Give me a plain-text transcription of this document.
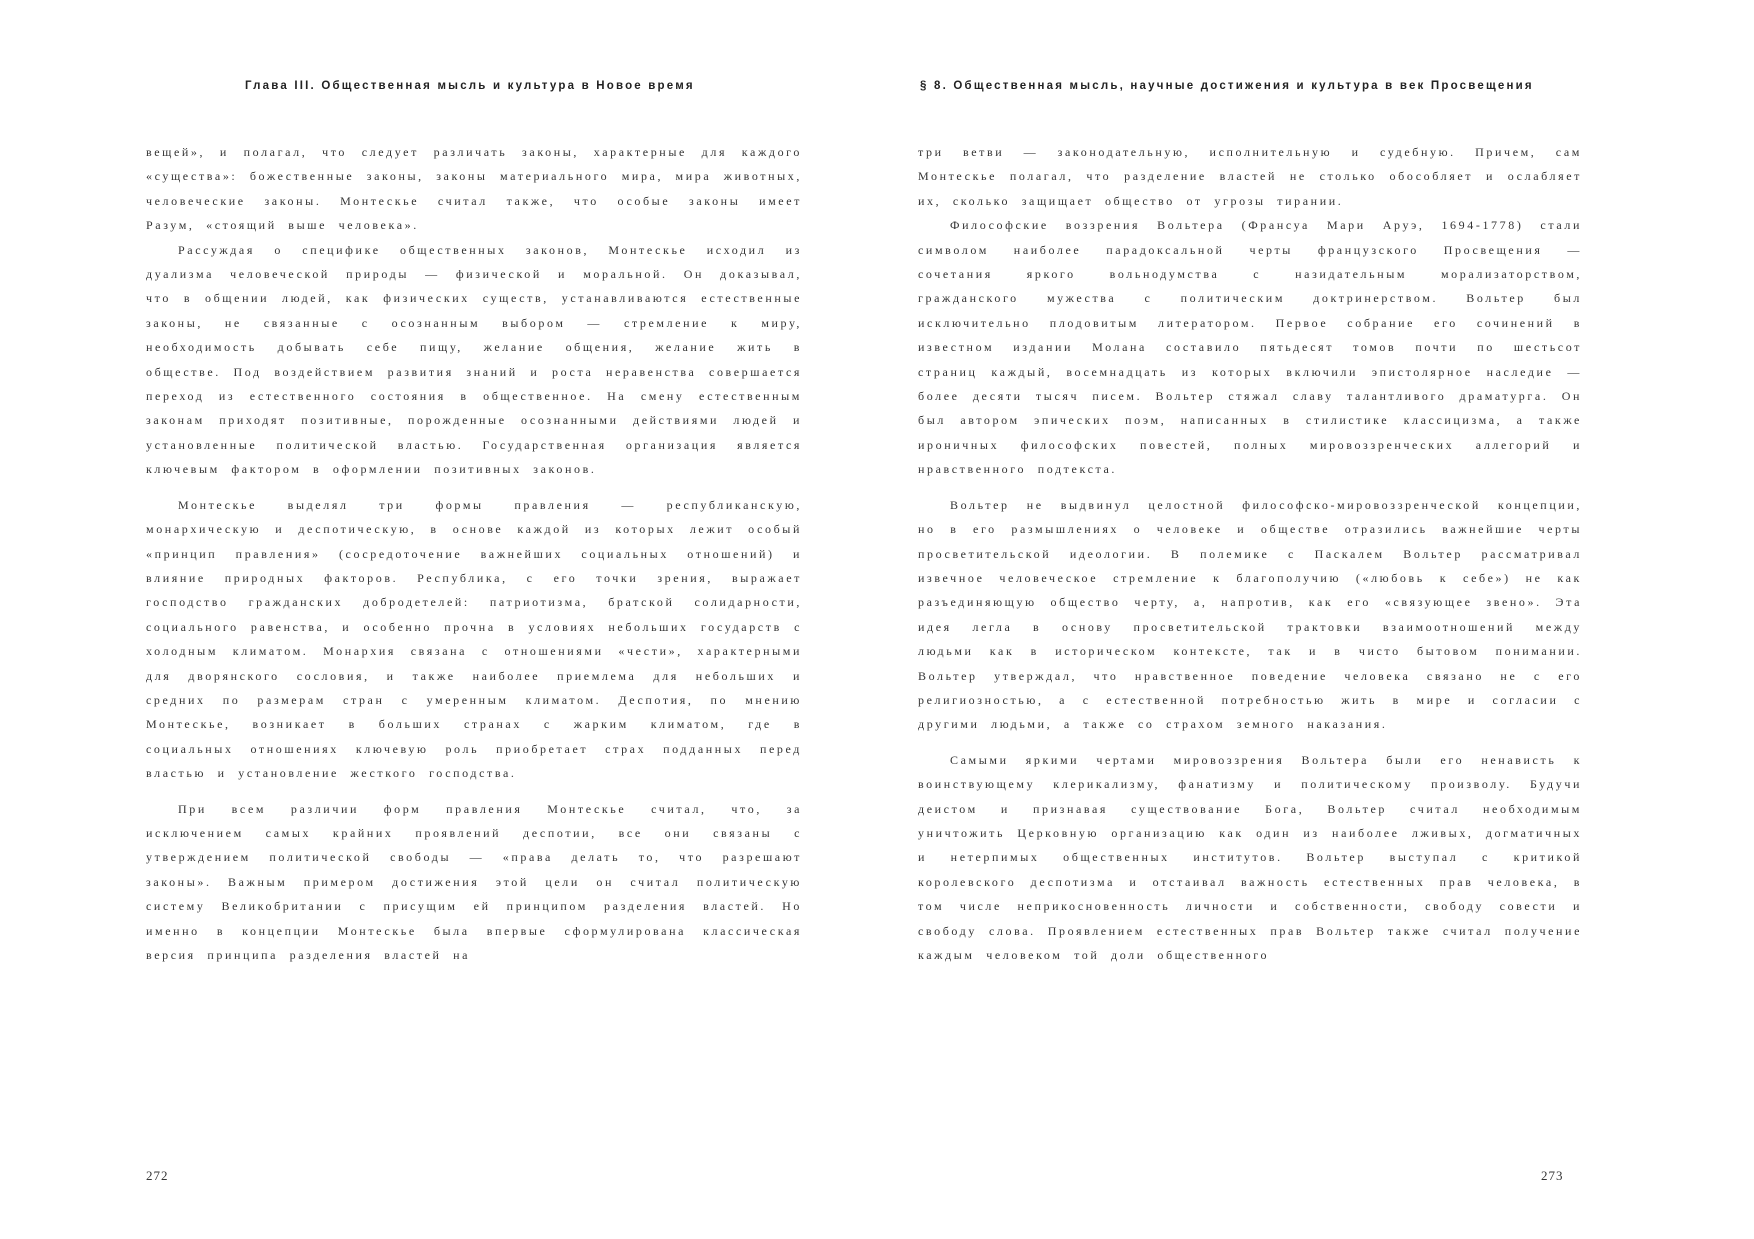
Глава III. Общественная мысль и культура в Новое время

вещей», и полагал, что следует различать законы, характерные для каждого «существа»: божественные законы, законы материального мира, мира животных, человеческие законы. Монтескье считал также, что особые законы имеет Разум, «стоящий выше человека».

Рассуждая о специфике общественных законов, Монтескье исходил из дуализма человеческой природы — физической и моральной. Он доказывал, что в общении людей, как физических существ, устанавливаются естественные законы, не связанные с осознанным выбором — стремление к миру, необходимость добывать себе пищу, желание общения, желание жить в обществе. Под воздействием развития знаний и роста неравенства совершается переход из естественного состояния в общественное. На смену естественным законам приходят позитивные, порожденные осознанными действиями людей и установленные политической властью. Государственная организация является ключевым фактором в оформлении позитивных законов.

Монтескье выделял три формы правления — республиканскую, монархическую и деспотическую, в основе каждой из которых лежит особый «принцип правления» (сосредоточение важнейших социальных отношений) и влияние природных факторов. Республика, с его точки зрения, выражает господство гражданских добродетелей: патриотизма, братской солидарности, социального равенства, и особенно прочна в условиях небольших государств с холодным климатом. Монархия связана с отношениями «чести», характерными для дворянского сословия, и также наиболее приемлема для небольших и средних по размерам стран с умеренным климатом. Деспотия, по мнению Монтескье, возникает в больших странах с жарким климатом, где в социальных отношениях ключевую роль приобретает страх подданных перед властью и установление жесткого господства.

При всем различии форм правления Монтескье считал, что, за исключением самых крайних проявлений деспотии, все они связаны с утверждением политической свободы — «права делать то, что разрешают законы». Важным примером достижения этой цели он считал политическую систему Великобритании с присущим ей принципом разделения властей. Но именно в концепции Монтескье была впервые сформулирована классическая версия принципа разделения властей на

272
§ 8. Общественная мысль, научные достижения и культура в век Просвещения

три ветви — законодательную, исполнительную и судебную. Причем, сам Монтескье полагал, что разделение властей не столько обособляет и ослабляет их, сколько защищает общество от угрозы тирании.

Философские воззрения Вольтера (Франсуа Мари Аруэ, 1694-1778) стали символом наиболее парадоксальной черты французского Просвещения — сочетания яркого вольнодумства с назидательным морализаторством, гражданского мужества с политическим доктринерством. Вольтер был исключительно плодовитым литератором. Первое собрание его сочинений в известном издании Молана составило пятьдесят томов почти по шестьсот страниц каждый, восемнадцать из которых включили эпистолярное наследие — более десяти тысяч писем. Вольтер стяжал славу талантливого драматурга. Он был автором эпических поэм, написанных в стилистике классицизма, а также ироничных философских повестей, полных мировоззренческих аллегорий и нравственного подтекста.

Вольтер не выдвинул целостной философско-мировоззренческой концепции, но в его размышлениях о человеке и обществе отразились важнейшие черты просветительской идеологии. В полемике с Паскалем Вольтер рассматривал извечное человеческое стремление к благополучию («любовь к себе») не как разъединяющую общество черту, а, напротив, как его «связующее звено». Эта идея легла в основу просветительской трактовки взаимоотношений между людьми как в историческом контексте, так и в чисто бытовом понимании. Вольтер утверждал, что нравственное поведение человека связано не с его религиозностью, а с естественной потребностью жить в мире и согласии с другими людьми, а также со страхом земного наказания.

Самыми яркими чертами мировоззрения Вольтера были его ненависть к воинствующему клерикализму, фанатизму и политическому произволу. Будучи деистом и признавая существование Бога, Вольтер считал необходимым уничтожить Церковную организацию как один из наиболее лживых, догматичных и нетерпимых общественных институтов. Вольтер выступал с критикой королевского деспотизма и отстаивал важность естественных прав человека, в том числе неприкосновенность личности и собственности, свободу совести и свободу слова. Проявлением естественных прав Вольтер также считал получение каждым человеком той доли общественного

273
